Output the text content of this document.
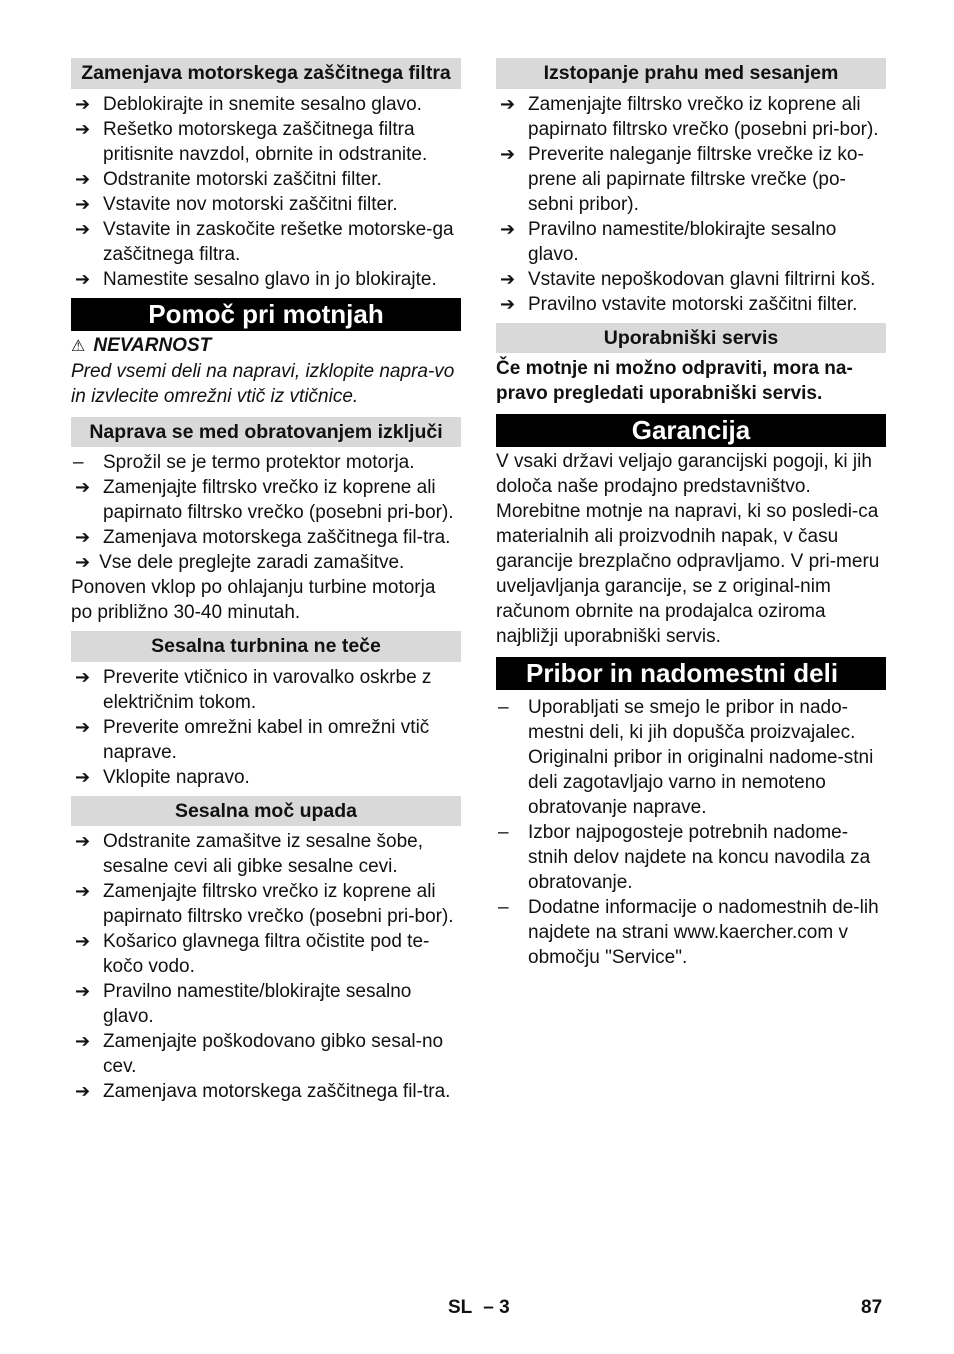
Zamenjava motorskega zaščitnega filtra
➔ Deblokirajte in snemite sesalno glavo.
➔ Rešetko motorskega zaščitnega filtra pritisnite navzdol, obrnite in odstranite.
➔ Odstranite motorski zaščitni filter.
➔ Vstavite nov motorski zaščitni filter.
➔ Vstavite in zaskočite rešetke motorske-ga zaščitnega filtra.
➔ Namestite sesalno glavo in jo blokirajte.
Pomoč pri motnjah
⚠ NEVARNOST

Pred vsemi deli na napravi, izklopite napra-vo in izvlecite omrežni vtič iz vtičnice.

Naprava se med obratovanjem izključi
–	Sprožil se je termo protektor motorja.
➔ Zamenjajte filtrsko vrečko iz koprene ali papirnato filtrsko vrečko (posebni pri-bor).
➔ Zamenjava motorskega zaščitnega fil-tra.
➔ Vse dele preglejte zaradi zamašitve.

Ponoven vklop po ohlajanju turbine motorja po približno 30-40 minutah.

Sesalna turbnina ne teče
➔ Preverite vtičnico in varovalko oskrbe z električnim tokom.
➔ Preverite omrežni kabel in omrežni vtič naprave.
➔ Vklopite napravo.
Sesalna moč upada
➔ Odstranite zamašitve iz sesalne šobe, sesalne cevi ali gibke sesalne cevi.
➔ Zamenjajte filtrsko vrečko iz koprene ali papirnato filtrsko vrečko (posebni pri-bor).
➔ Košarico glavnega filtra očistite pod te-kočo vodo.
➔ Pravilno namestite/blokirajte sesalno glavo.
➔ Zamenjajte poškodovano gibko sesal-no cev.
➔ Zamenjava motorskega zaščitnega fil-tra.
Izstopanje prahu med sesanjem
➔ Zamenjajte filtrsko vrečko iz koprene ali papirnato filtrsko vrečko (posebni pri-bor).
➔ Preverite naleganje filtrske vrečke iz ko-prene ali papirnate filtrske vrečke (po-sebni pribor).
➔ Pravilno namestite/blokirajte sesalno glavo.
➔ Vstavite nepoškodovan glavni filtrirni koš.
➔ Pravilno vstavite motorski zaščitni filter.
Uporabniški servis

Če motnje ni možno odpraviti, mora na-pravo pregledati uporabniški servis.

Garancija

V vsaki državi veljajo garancijski pogoji, ki jih določa naše prodajno predstavništvo. Morebitne motnje na napravi, ki so posledi-ca materialnih ali proizvodnih napak, v času garancije brezplačno odpravljamo. V pri-meru uveljavljanja garancije, se z original-nim računom obrnite na prodajalca oziroma najbližji uporabniški servis.

Pribor in nadomestni deli
–	Uporabljati se smejo le pribor in nado-mestni deli, ki jih dopušča proizvajalec. Originalni pribor in originalni nadome-stni deli zagotavljajo varno in nemoteno obratovanje naprave.
–	Izbor najpogosteje potrebnih nadome-stnih delov najdete na koncu navodila za obratovanje.
–	Dodatne informacije o nadomestnih de-lih najdete na strani www.kaercher.com v območju "Service".
SL – 3	87
